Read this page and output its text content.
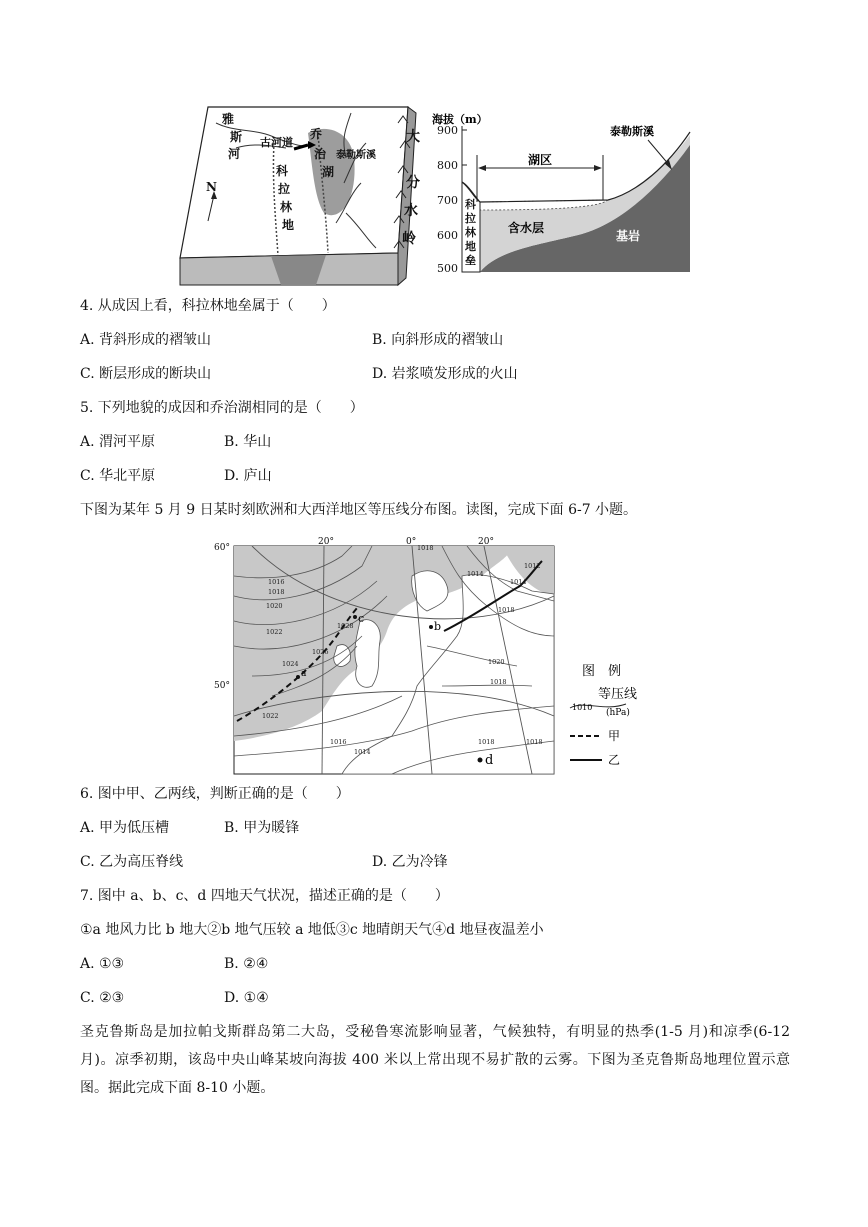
雅
斯
河
古河道
乔
治
湖
泰勒斯溪
科
拉
林
地
大
分
水
岭
N
900
800
700
600
500
海拔（m）
湖区
泰勒斯溪
含水层
基岩
科
拉
林
地
垒
4. 从成因上看，科拉林地垒属于（　　）
A. 背斜形成的褶皱山	B. 向斜形成的褶皱山
C. 断层形成的断块山	D. 岩浆喷发形成的火山
5. 下列地貌的成因和乔治湖相同的是（　　）
A. 渭河平原	B. 华山
C. 华北平原	D. 庐山
下图为某年 5 月 9 日某时刻欧洲和大西洋地区等压线分布图。读图，完成下面 6-7 小题。
60°
50°
20°	0°	20°
1018
1016
1018
1020
1022
1024
1026
1028
1022
1016
1014
1012
1014
1018
1020
1018
1018	1018
1014
a
b
c
d
图　例
等压线
1010
(hPa)
甲
乙
6. 图中甲、乙两线，判断正确的是（　　）
A. 甲为低压槽	B. 甲为暖锋
C. 乙为高压脊线	D. 乙为冷锋
7. 图中 a、b、c、d 四地天气状况，描述正确的是（　　）
①a 地风力比 b 地大②b 地气压较 a 地低③c 地晴朗天气④d 地昼夜温差小
A. ①③	B. ②④
C. ②③	D. ①④
圣克鲁斯岛是加拉帕戈斯群岛第二大岛，受秘鲁寒流影响显著，气候独特，有明显的热季(1-5 月)和凉季(6-12 月)。凉季初期，该岛中央山峰某坡向海拔 400 米以上常出现不易扩散的云雾。下图为圣克鲁斯岛地理位置示意图。据此完成下面 8-10 小题。
